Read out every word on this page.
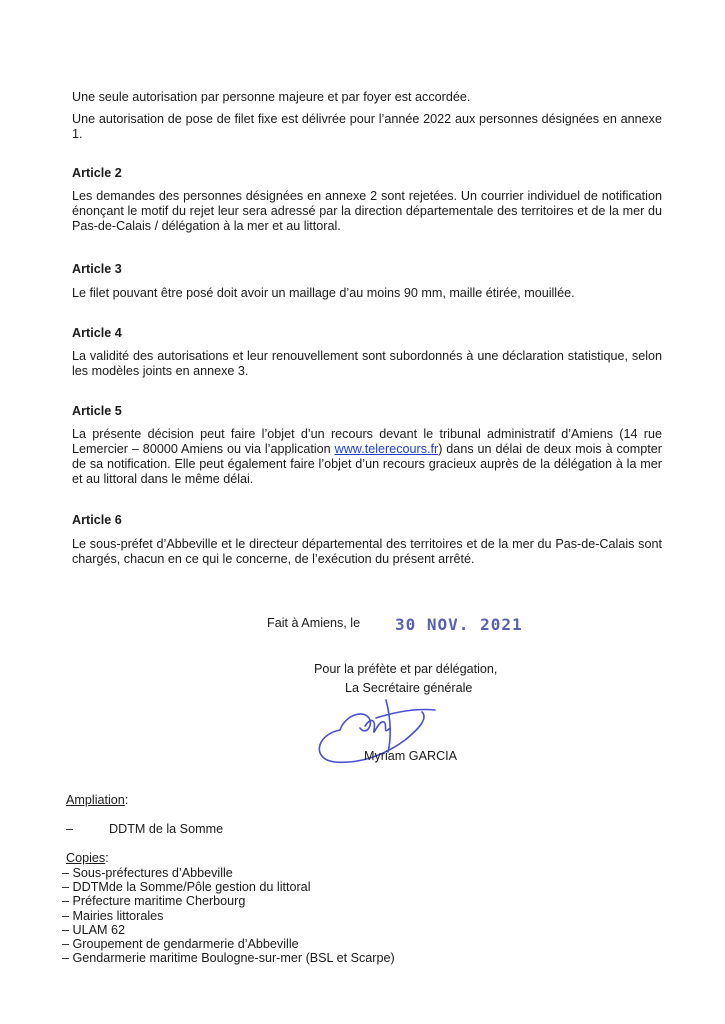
Une seule autorisation par personne majeure et par foyer est accordée.

Une autorisation de pose de filet fixe est délivrée pour l’année 2022 aux personnes désignées en annexe 1.

Article 2

Les demandes des personnes désignées en annexe 2 sont rejetées. Un courrier individuel de notification énonçant le motif du rejet leur sera adressé par la direction départementale des territoires et de la mer du Pas-de-Calais / délégation à la mer et au littoral.

Article 3

Le filet pouvant être posé doit avoir un maillage d’au moins 90 mm, maille étirée, mouillée.

Article 4

La validité des autorisations et leur renouvellement sont subordonnés à une déclaration statistique, selon les modèles joints en annexe 3.

Article 5

La présente décision peut faire l’objet d’un recours devant le tribunal administratif d’Amiens (14 rue Lemercier – 80000 Amiens ou via l’application www.telerecours.fr) dans un délai de deux mois à compter de sa notification. Elle peut également faire l’objet d’un recours gracieux auprès de la délégation à la mer et au littoral dans le même délai.

Article 6

Le sous-préfet d’Abbeville et le directeur départemental des territoires et de la mer du Pas-de-Calais sont chargés, chacun en ce qui le concerne, de l’exécution du présent arrêté.

Fait à Amiens, le 30 NOV. 2021
Pour la préfète et par délégation,
La Secrétaire générale
Myriam GARCIA
Ampliation:
–	DDTM de la Somme
Copies:
– Sous-préfectures d’Abbeville
– DDTMde la Somme/Pôle gestion du littoral
– Préfecture maritime Cherbourg
– Mairies littorales
– ULAM 62
– Groupement de gendarmerie d’Abbeville
– Gendarmerie maritime Boulogne-sur-mer (BSL et Scarpe)
